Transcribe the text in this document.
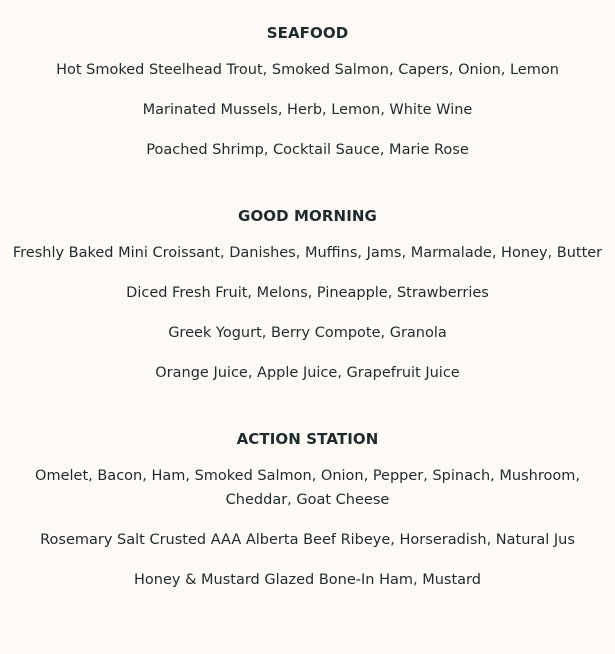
SEAFOOD
Hot Smoked Steelhead Trout, Smoked Salmon, Capers, Onion, Lemon
Marinated Mussels, Herb, Lemon, White Wine
Poached Shrimp, Cocktail Sauce, Marie Rose
GOOD MORNING
Freshly Baked Mini Croissant, Danishes, Muffins, Jams, Marmalade, Honey, Butter
Diced Fresh Fruit, Melons, Pineapple, Strawberries
Greek Yogurt, Berry Compote, Granola
Orange Juice, Apple Juice, Grapefruit Juice
ACTION STATION
Omelet, Bacon, Ham, Smoked Salmon, Onion, Pepper, Spinach, Mushroom, Cheddar, Goat Cheese
Rosemary Salt Crusted AAA Alberta Beef Ribeye, Horseradish, Natural Jus
Honey & Mustard Glazed Bone-In Ham, Mustard
